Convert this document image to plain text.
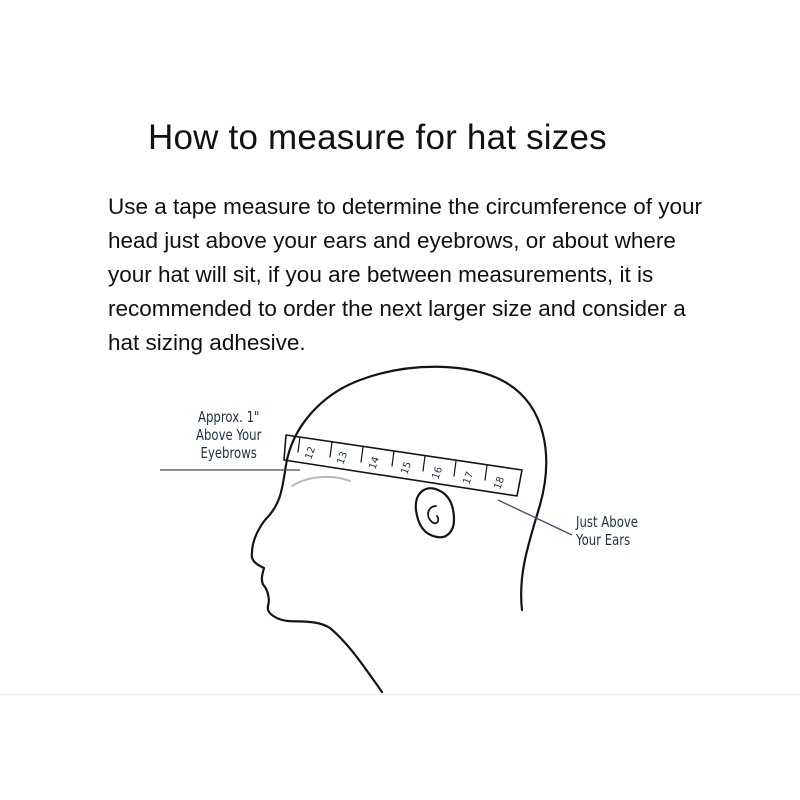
How to measure for hat sizes

Use a tape measure to determine the circumference of your
head just above your ears and eyebrows, or about where
your hat will sit, if you are between measurements, it is
recommended to order the next larger size and consider a
hat sizing adhesive.

12 13 14 15 16 17 18
Approx. 1"
Above Your
Eyebrows
Just Above
Your Ears
